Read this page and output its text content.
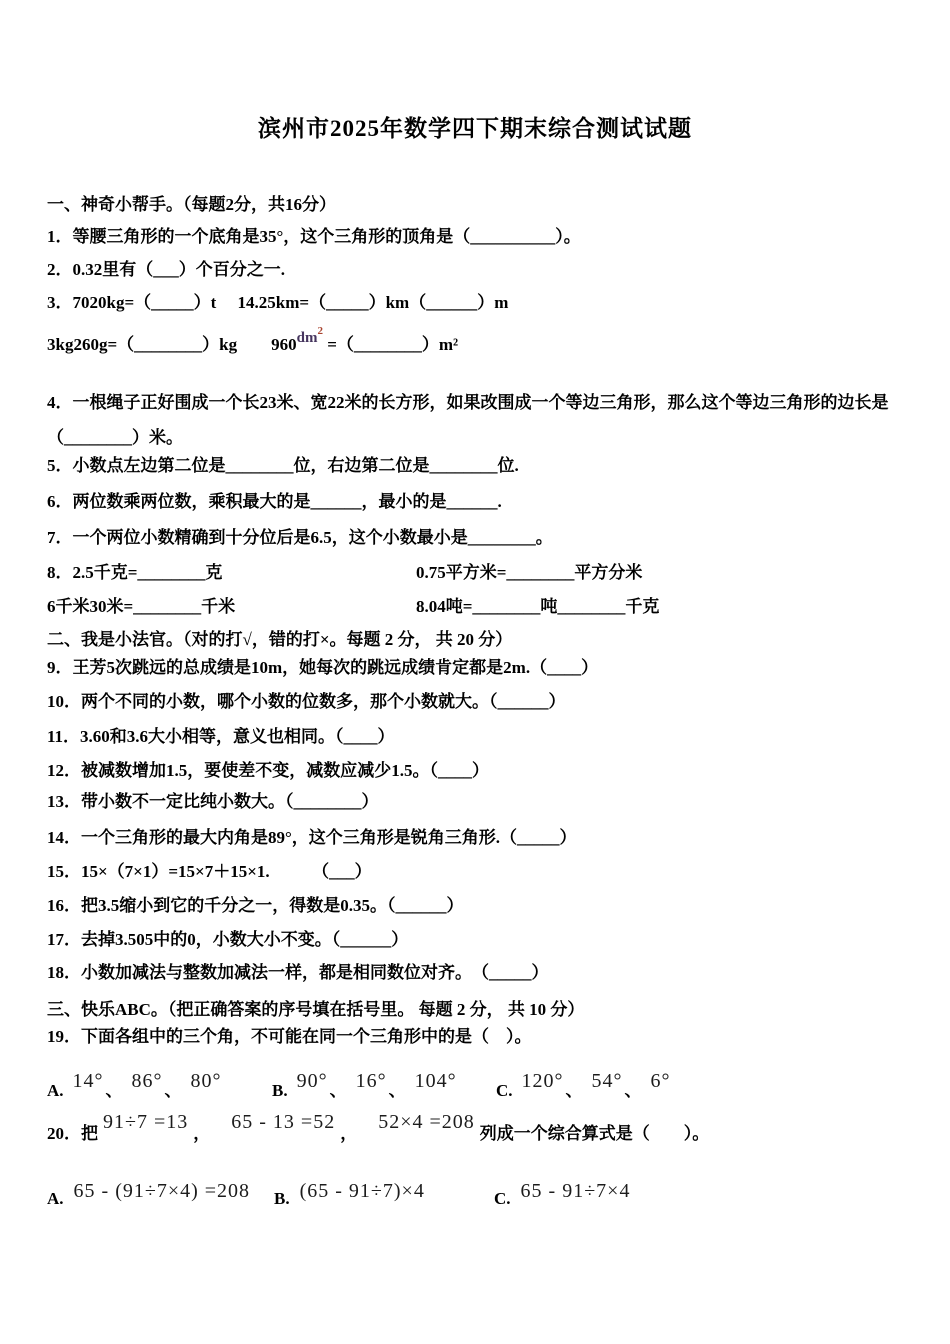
滨州市2025年数学四下期末综合测试试题
一、神奇小帮手。（每题2分，共16分）
1．等腰三角形的一个底角是35°，这个三角形的顶角是（__________）。
2．0.32里有（___）个百分之一.
3．7020kg=（_____）t　 14.25km=（_____）km（______）m
3kg260g=（________）kg　　$960dm^2$ =（________）m²
4．一根绳子正好围成一个长23米、宽22米的长方形，如果改围成一个等边三角形，那么这个等边三角形的边长是（________）米。
5．小数点左边第二位是________位，右边第二位是________位.
6．两位数乘两位数，乘积最大的是______，最小的是______.
7．一个两位小数精确到十分位后是6.5，这个小数最小是________。
8．2.5千克=________克	0.75平方米=________平方分米
6千米30米=________千米	8.04吨=________吨________千克
二、我是小法官。（对的打√，错的打×。每题 2 分， 共 20 分）
9．王芳5次跳远的总成绩是10m，她每次的跳远成绩肯定都是2m.（____）
10．两个不同的小数，哪个小数的位数多，那个小数就大。（______）
11．3.60和3.6大小相等，意义也相同。（____）
12．被减数增加1.5，要使差不变，减数应减少1.5。（____）
13．带小数不一定比纯小数大。（________）
14．一个三角形的最大内角是89°，这个三角形是锐角三角形.（_____）
15．15×（7×1）=15×7＋15×1.　　　（___）
16．把3.5缩小到它的千分之一，得数是0.35。（______）
17．去掉3.505中的0，小数大小不变。（______）
18．小数加减法与整数加减法一样，都是相同数位对齐。　（_____）
三、快乐ABC。（把正确答案的序号填在括号里。 每题 2 分， 共 10 分）
19．下面各组中的三个角，不可能在同一个三角形中的是（　）。
A. 14° 、 86° 、 80°	B. 90° 、 16° 、 104° C. 120° 、 54° 、 6°
20．把91÷7 =13，65 - 13 =52，52×4 =208列成一个综合算式是（　　）。
A. 65 - (91÷7×4) =208 B. (65 - 91÷7)×4	C. 65 - 91÷7×4
